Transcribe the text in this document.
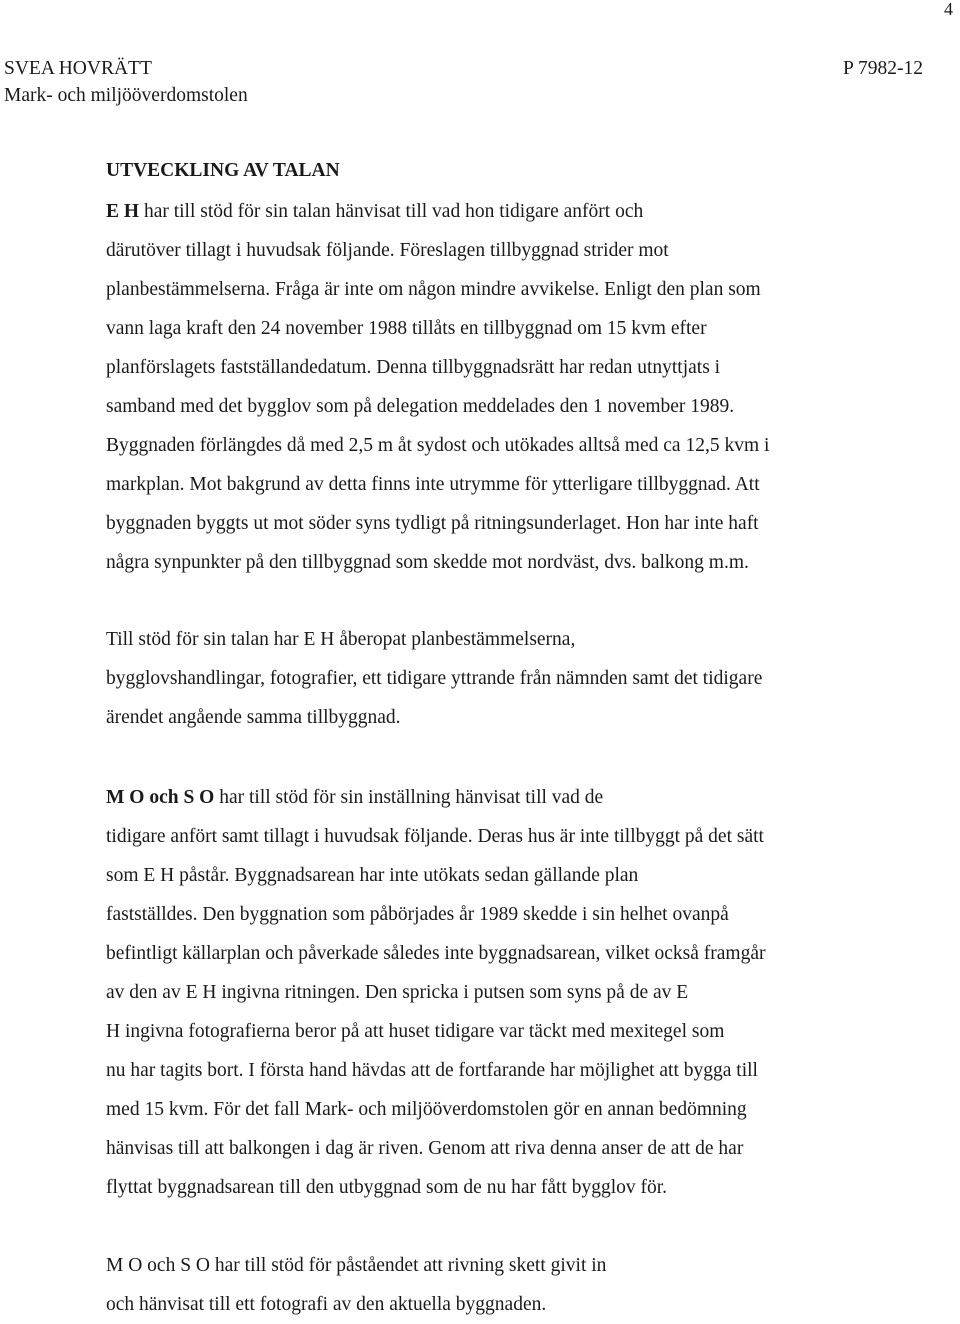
4
SVEA HOVRÄTT
Mark- och miljööverdomstolen
P 7982-12
UTVECKLING AV TALAN
E H har till stöd för sin talan hänvisat till vad hon tidigare anfört och
därutöver tillagt i huvudsak följande. Föreslagen tillbyggnad strider mot
planbestämmelserna. Fråga är inte om någon mindre avvikelse. Enligt den plan som
vann laga kraft den 24 november 1988 tillåts en tillbyggnad om 15 kvm efter
planförslagets fastställandedatum. Denna tillbyggnadsrätt har redan utnyttjats i
samband med det bygglov som på delegation meddelades den 1 november 1989.
Byggnaden förlängdes då med 2,5 m åt sydost och utökades alltså med ca 12,5 kvm i
markplan. Mot bakgrund av detta finns inte utrymme för ytterligare tillbyggnad. Att
byggnaden byggts ut mot söder syns tydligt på ritningsunderlaget. Hon har inte haft
några synpunkter på den tillbyggnad som skedde mot nordväst, dvs. balkong m.m.
Till stöd för sin talan har E H åberopat planbestämmelserna,
bygglovshandlingar, fotografier, ett tidigare yttrande från nämnden samt det tidigare
ärendet angående samma tillbyggnad.
M O och S O har till stöd för sin inställning hänvisat till vad de
tidigare anfört samt tillagt i huvudsak följande. Deras hus är inte tillbyggt på det sätt
som E H påstår. Byggnadsarean har inte utökats sedan gällande plan
fastställdes. Den byggnation som påbörjades år 1989 skedde i sin helhet ovanpå
befintligt källarplan och påverkade således inte byggnadsarean, vilket också framgår
av den av E H ingivna ritningen. Den spricka i putsen som syns på de av E
H ingivna fotografierna beror på att huset tidigare var täckt med mexitegel som
nu har tagits bort. I första hand hävdas att de fortfarande har möjlighet att bygga till
med 15 kvm. För det fall Mark- och miljööverdomstolen gör en annan bedömning
hänvisas till att balkongen i dag är riven. Genom att riva denna anser de att de har
flyttat byggnadsarean till den utbyggnad som de nu har fått bygglov för.
M O och S O har till stöd för påståendet att rivning skett givit in
och hänvisat till ett fotografi av den aktuella byggnaden.
